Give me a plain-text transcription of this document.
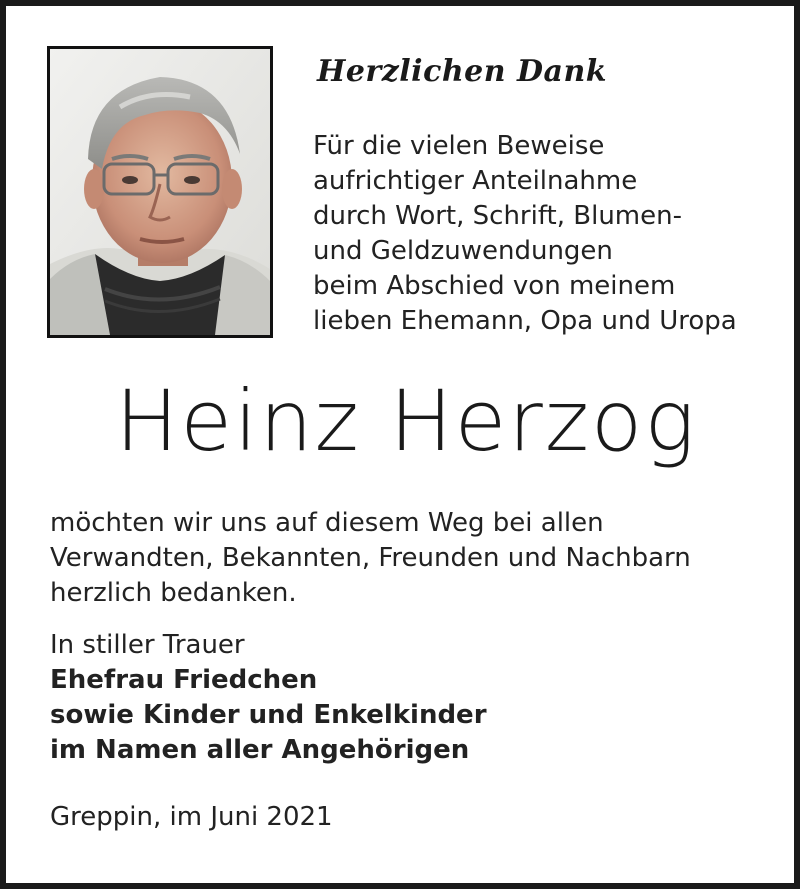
Herzlichen Dank
Für die vielen Beweise
aufrichtiger Anteilnahme
durch Wort, Schrift, Blumen-
und Geldzuwendungen
beim Abschied von meinem
lieben Ehemann, Opa und Uropa
Heinz Herzog
möchten wir uns auf diesem Weg bei allen
Verwandten, Bekannten, Freunden und Nachbarn
herzlich bedanken.
In stiller Trauer
Ehefrau Friedchen
sowie Kinder und Enkelkinder
im Namen aller Angehörigen
Greppin, im Juni 2021
